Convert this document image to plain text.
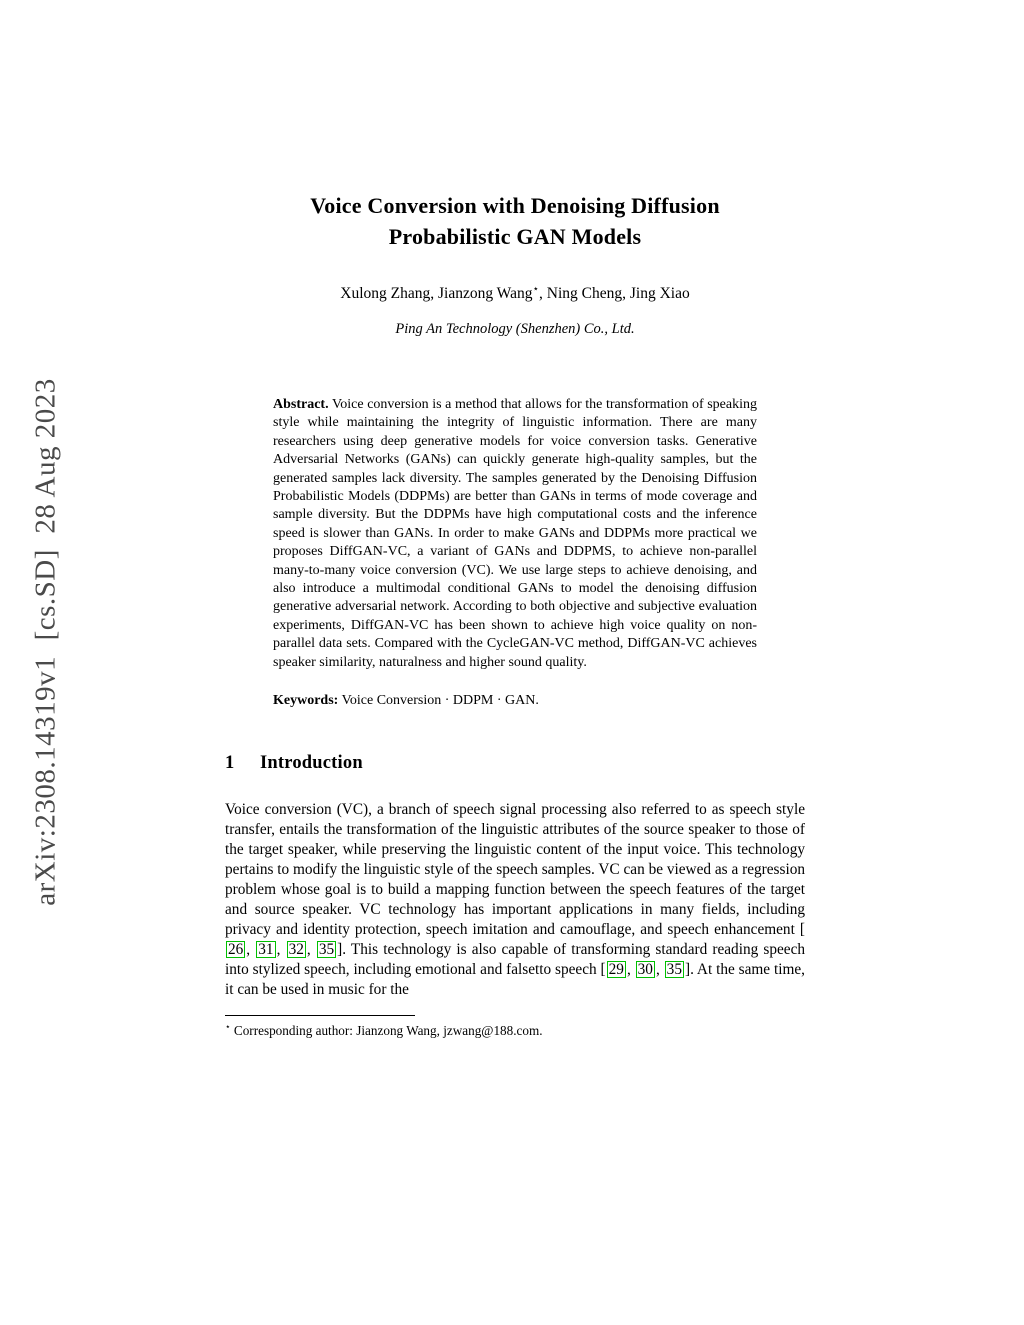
arXiv:2308.14319v1  [cs.SD]  28 Aug 2023
Voice Conversion with Denoising Diffusion
Probabilistic GAN Models
Xulong Zhang, Jianzong Wang⋆, Ning Cheng, Jing Xiao
Ping An Technology (Shenzhen) Co., Ltd.

Abstract. Voice conversion is a method that allows for the transformation of speaking style while maintaining the integrity of linguistic information. There are many researchers using deep generative models for voice conversion tasks. Generative Adversarial Networks (GANs) can quickly generate high-quality samples, but the generated samples lack diversity. The samples generated by the Denoising Diffusion Probabilistic Models (DDPMs) are better than GANs in terms of mode coverage and sample diversity. But the DDPMs have high computational costs and the inference speed is slower than GANs. In order to make GANs and DDPMs more practical we proposes DiffGAN-VC, a variant of GANs and DDPMS, to achieve non-parallel many-to-many voice conversion (VC). We use large steps to achieve denoising, and also introduce a multimodal conditional GANs to model the denoising diffusion generative adversarial network. According to both objective and subjective evaluation experiments, DiffGAN-VC has been shown to achieve high voice quality on non-parallel data sets. Compared with the CycleGAN-VC method, DiffGAN-VC achieves speaker similarity, naturalness and higher sound quality.

Keywords: Voice Conversion · DDPM · GAN.

1 Introduction

Voice conversion (VC), a branch of speech signal processing also referred to as speech style transfer, entails the transformation of the linguistic attributes of the source speaker to those of the target speaker, while preserving the linguistic content of the input voice. This technology pertains to modify the linguistic style of the speech samples. VC can be viewed as a regression problem whose goal is to build a mapping function between the speech features of the target and source speaker. VC technology has important applications in many fields, including privacy and identity protection, speech imitation and camouflage, and speech enhancement [26 , 31 , 32 , 35 ]. This technology is also capable of transforming standard reading speech into stylized speech, including emotional and falsetto speech [ 29 , 30 , 35 ]. At the same time, it can be used in music for the

⋆ Corresponding author: Jianzong Wang, jzwang@188.com.
